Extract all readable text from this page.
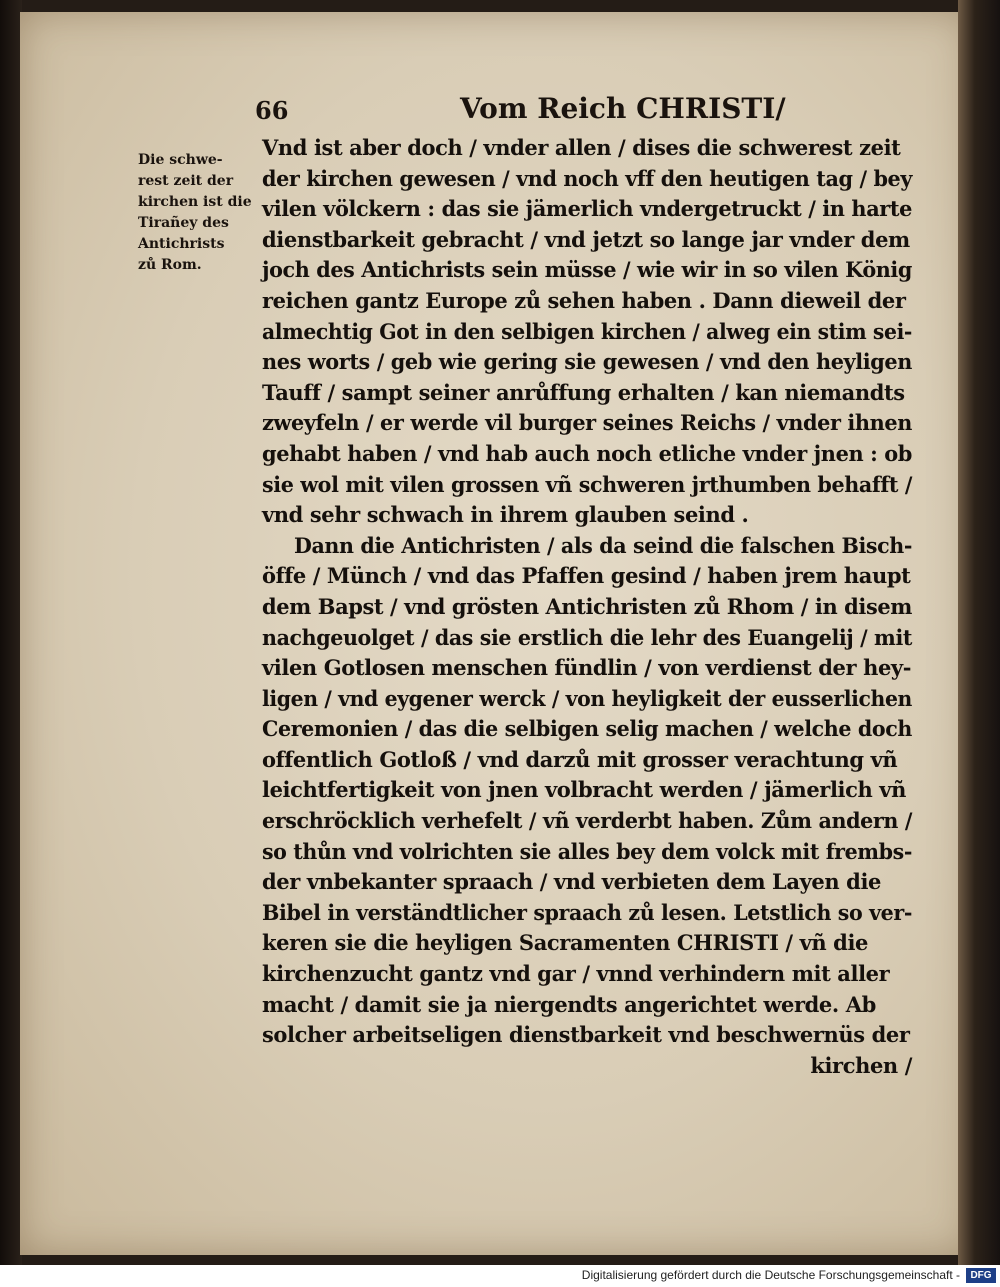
66	Vom Reich CHRISTI/
Die schwe-
rest zeit der
kirchen ist die
Tirañey des
Antichrists
zů Rom.
Vnd ist aber doch / vnder allen / dises die schwerest zeit
der kirchen gewesen / vnd noch vff den heutigen tag / bey
vilen völckern : das sie jämerlich vndergetruckt / in harte
dienstbarkeit gebracht / vnd jetzt so lange jar vnder dem
joch des Antichrists sein müsse / wie wir in so vilen König
reichen gantz Europe zů sehen haben . Dann dieweil der
almechtig Got in den selbigen kirchen / alweg ein stim sei-
nes worts / geb wie gering sie gewesen / vnd den heyligen
Tauff / sampt seiner anrůffung erhalten / kan niemandts
zweyfeln / er werde vil burger seines Reichs / vnder ihnen
gehabt haben / vnd hab auch noch etliche vnder jnen : ob
sie wol mit vilen grossen vñ schweren jrthumben behafft /
vnd sehr schwach in ihrem glauben seind .
Dann die Antichristen / als da seind die falschen Bisch-
öffe / Münch / vnd das Pfaffen gesind / haben jrem haupt
dem Bapst / vnd grösten Antichristen zů Rhom / in disem
nachgeuolget / das sie erstlich die lehr des Euangelij / mit
vilen Gotlosen menschen fündlin / von verdienst der hey-
ligen / vnd eygener werck / von heyligkeit der eusserlichen
Ceremonien / das die selbigen selig machen / welche doch
offentlich Gotloß / vnd darzů mit grosser verachtung vñ
leichtfertigkeit von jnen volbracht werden / jämerlich vñ
erschröcklich verhefelt / vñ verderbt haben. Zům andern /
so thůn vnd volrichten sie alles bey dem volck mit frembs-
der vnbekanter spraach / vnd verbieten dem Layen die
Bibel in verständtlicher spraach zů lesen. Letstlich so ver-
keren sie die heyligen Sacramenten CHRISTI / vñ die
kirchenzucht gantz vnd gar / vnnd verhindern mit aller
macht / damit sie ja niergendts angerichtet werde. Ab
solcher arbeitseligen dienstbarkeit vnd beschwernüs der
kirchen /
Digitalisierung gefördert durch die Deutsche Forschungsgemeinschaft -	DFG
